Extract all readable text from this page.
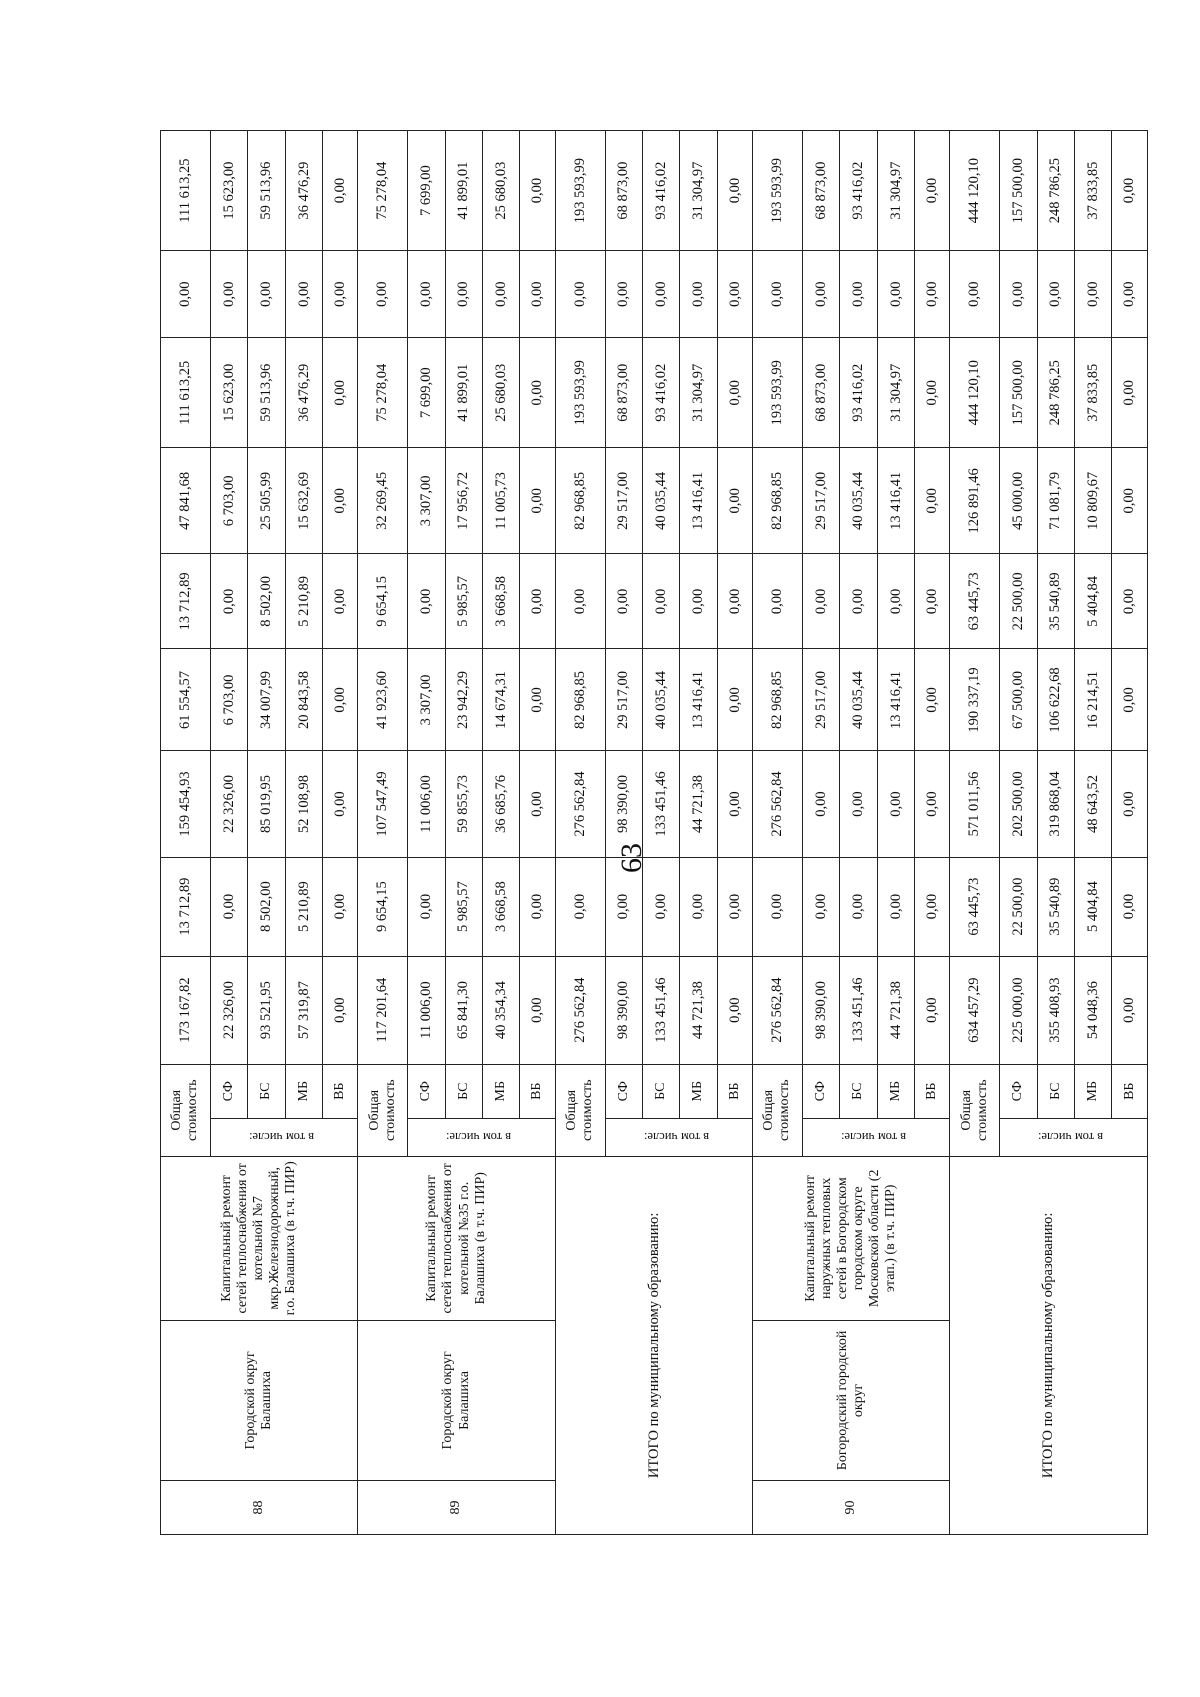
63
88	Городской округ Балашиха	Капитальный ремонт сетей теплоснабжения от котельной №7 мкр.Железнодорожный, г.о. Балашиха (в т.ч. ПИР)	Общая стоимость		173 167,82	13 712,89	159 454,93	61 554,57	13 712,89	47 841,68	111 613,25	0,00	111 613,25
			в том числе:	СФ	22 326,00	0,00	22 326,00	6 703,00	0,00	6 703,00	15 623,00	0,00	15 623,00
				БС	93 521,95	8 502,00	85 019,95	34 007,99	8 502,00	25 505,99	59 513,96	0,00	59 513,96
				МБ	57 319,87	5 210,89	52 108,98	20 843,58	5 210,89	15 632,69	36 476,29	0,00	36 476,29
				ВБ	0,00	0,00	0,00	0,00	0,00	0,00	0,00	0,00	0,00
89	Городской округ Балашиха	Капитальный ремонт сетей теплоснабжения от котельной №35 г.о. Балашиха (в т.ч. ПИР)	Общая стоимость		117 201,64	9 654,15	107 547,49	41 923,60	9 654,15	32 269,45	75 278,04	0,00	75 278,04
			в том числе:	СФ	11 006,00	0,00	11 006,00	3 307,00	0,00	3 307,00	7 699,00	0,00	7 699,00
				БС	65 841,30	5 985,57	59 855,73	23 942,29	5 985,57	17 956,72	41 899,01	0,00	41 899,01
				МБ	40 354,34	3 668,58	36 685,76	14 674,31	3 668,58	11 005,73	25 680,03	0,00	25 680,03
				ВБ	0,00	0,00	0,00	0,00	0,00	0,00	0,00	0,00	0,00
ИТОГО по муниципальному образованию:			Общая стоимость		276 562,84	0,00	276 562,84	82 968,85	0,00	82 968,85	193 593,99	0,00	193 593,99
			в том числе:	СФ	98 390,00	0,00	98 390,00	29 517,00	0,00	29 517,00	68 873,00	0,00	68 873,00
				БС	133 451,46	0,00	133 451,46	40 035,44	0,00	40 035,44	93 416,02	0,00	93 416,02
				МБ	44 721,38	0,00	44 721,38	13 416,41	0,00	13 416,41	31 304,97	0,00	31 304,97
				ВБ	0,00	0,00	0,00	0,00	0,00	0,00	0,00	0,00	0,00
90	Богородский городской округ	Капитальный ремонт наружных тепловых сетей в Богородском городском округе Московской области (2 этап.) (в т.ч. ПИР)	Общая стоимость		276 562,84	0,00	276 562,84	82 968,85	0,00	82 968,85	193 593,99	0,00	193 593,99
			в том числе:	СФ	98 390,00	0,00	0,00	29 517,00	0,00	29 517,00	68 873,00	0,00	68 873,00
				БС	133 451,46	0,00	0,00	40 035,44	0,00	40 035,44	93 416,02	0,00	93 416,02
				МБ	44 721,38	0,00	0,00	13 416,41	0,00	13 416,41	31 304,97	0,00	31 304,97
				ВБ	0,00	0,00	0,00	0,00	0,00	0,00	0,00	0,00	0,00
ИТОГО по муниципальному образованию:			Общая стоимость		634 457,29	63 445,73	571 011,56	190 337,19	63 445,73	126 891,46	444 120,10	0,00	444 120,10
			в том числе:	СФ	225 000,00	22 500,00	202 500,00	67 500,00	22 500,00	45 000,00	157 500,00	0,00	157 500,00
				БС	355 408,93	35 540,89	319 868,04	106 622,68	35 540,89	71 081,79	248 786,25	0,00	248 786,25
				МБ	54 048,36	5 404,84	48 643,52	16 214,51	5 404,84	10 809,67	37 833,85	0,00	37 833,85
				ВБ	0,00	0,00	0,00	0,00	0,00	0,00	0,00	0,00	0,00
